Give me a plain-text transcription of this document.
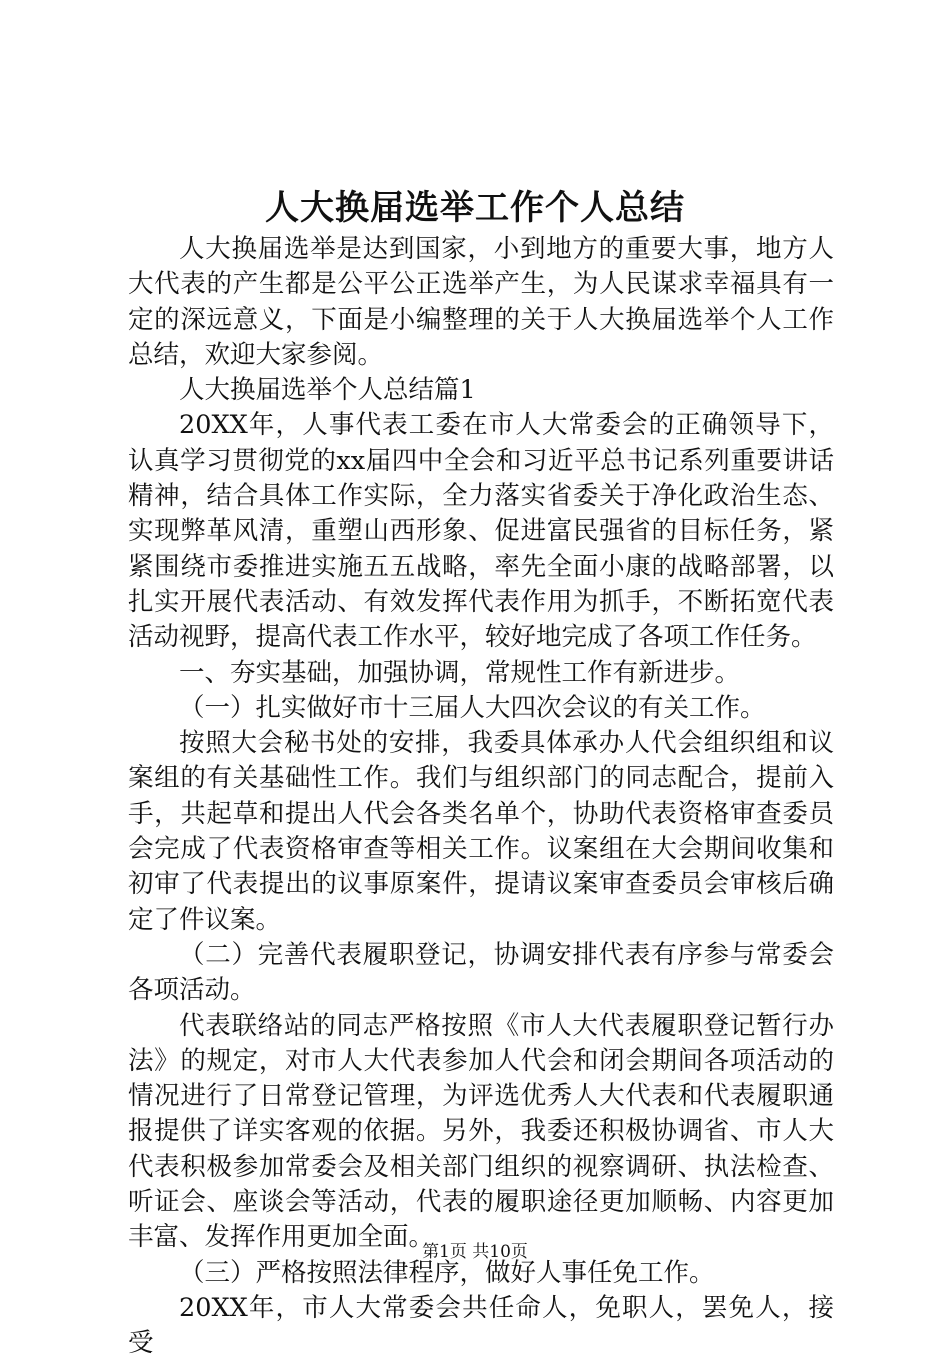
人大换届选举工作个人总结

人大换届选举是达到国家，小到地方的重要大事，地方人大代表的产生都是公平公正选举产生，为人民谋求幸福具有一定的深远意义，下面是小编整理的关于人大换届选举个人工作总结，欢迎大家参阅。

人大换届选举个人总结篇1

20XX年，人事代表工委在市人大常委会的正确领导下，认真学习贯彻党的xx届四中全会和习近平总书记系列重要讲话精神，结合具体工作实际，全力落实省委关于净化政治生态、实现弊革风清，重塑山西形象、促进富民强省的目标任务，紧紧围绕市委推进实施五五战略，率先全面小康的战略部署，以扎实开展代表活动、有效发挥代表作用为抓手，不断拓宽代表活动视野，提高代表工作水平，较好地完成了各项工作任务。

一、夯实基础，加强协调，常规性工作有新进步。

（一）扎实做好市十三届人大四次会议的有关工作。

按照大会秘书处的安排，我委具体承办人代会组织组和议案组的有关基础性工作。我们与组织部门的同志配合，提前入手，共起草和提出人代会各类名单个，协助代表资格审查委员会完成了代表资格审查等相关工作。议案组在大会期间收集和初审了代表提出的议事原案件，提请议案审查委员会审核后确定了件议案。

（二）完善代表履职登记，协调安排代表有序参与常委会各项活动。

代表联络站的同志严格按照《市人大代表履职登记暂行办法》的规定，对市人大代表参加人代会和闭会期间各项活动的情况进行了日常登记管理，为评选优秀人大代表和代表履职通报提供了详实客观的依据。另外，我委还积极协调省、市人大代表积极参加常委会及相关部门组织的视察调研、执法检查、听证会、座谈会等活动，代表的履职途径更加顺畅、内容更加丰富、发挥作用更加全面。

（三）严格按照法律程序，做好人事任免工作。

20XX年，市人大常委会共任命人，免职人，罢免人，接受

第1页 共10页
